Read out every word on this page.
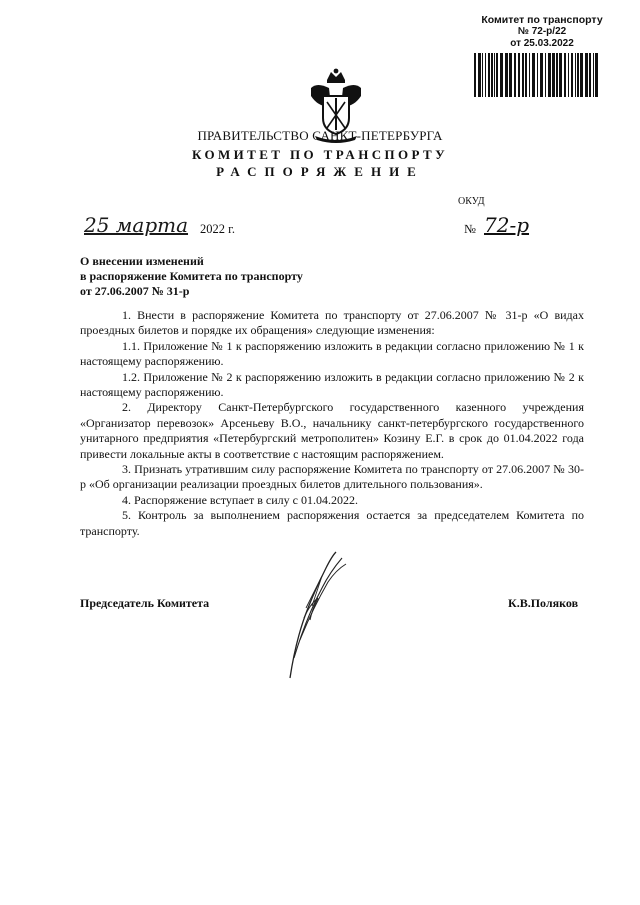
Комитет по транспорту
№ 72-р/22
от 25.03.2022
ПРАВИТЕЛЬСТВО САНКТ-ПЕТЕРБУРГА
КОМИТЕТ ПО ТРАНСПОРТУ
РАСПОРЯЖЕНИЕ
ОКУД
25 марта 2022 г.	№ 72-р
О внесении изменений
в распоряжение Комитета по транспорту
от 27.06.2007 № 31-р

1. Внести в распоряжение Комитета по транспорту от 27.06.2007 № 31-р «О видах проездных билетов и порядке их обращения» следующие изменения:

1.1. Приложение № 1 к распоряжению изложить в редакции согласно приложению № 1 к настоящему распоряжению.

1.2. Приложение № 2 к распоряжению изложить в редакции согласно приложению № 2 к настоящему распоряжению.

2. Директору Санкт-Петербургского государственного казенного учреждения «Организатор перевозок» Арсеньеву В.О., начальнику санкт-петербургского государственного унитарного предприятия «Петербургский метрополитен» Козину Е.Г. в срок до 01.04.2022 года привести локальные акты в соответствие с настоящим распоряжением.

3. Признать утратившим силу распоряжение Комитета по транспорту от 27.06.2007 № 30-р «Об организации реализации проездных билетов длительного пользования».

4. Распоряжение вступает в силу с 01.04.2022.

5. Контроль за выполнением распоряжения остается за председателем Комитета по транспорту.

Председатель Комитета	К.В.Поляков
